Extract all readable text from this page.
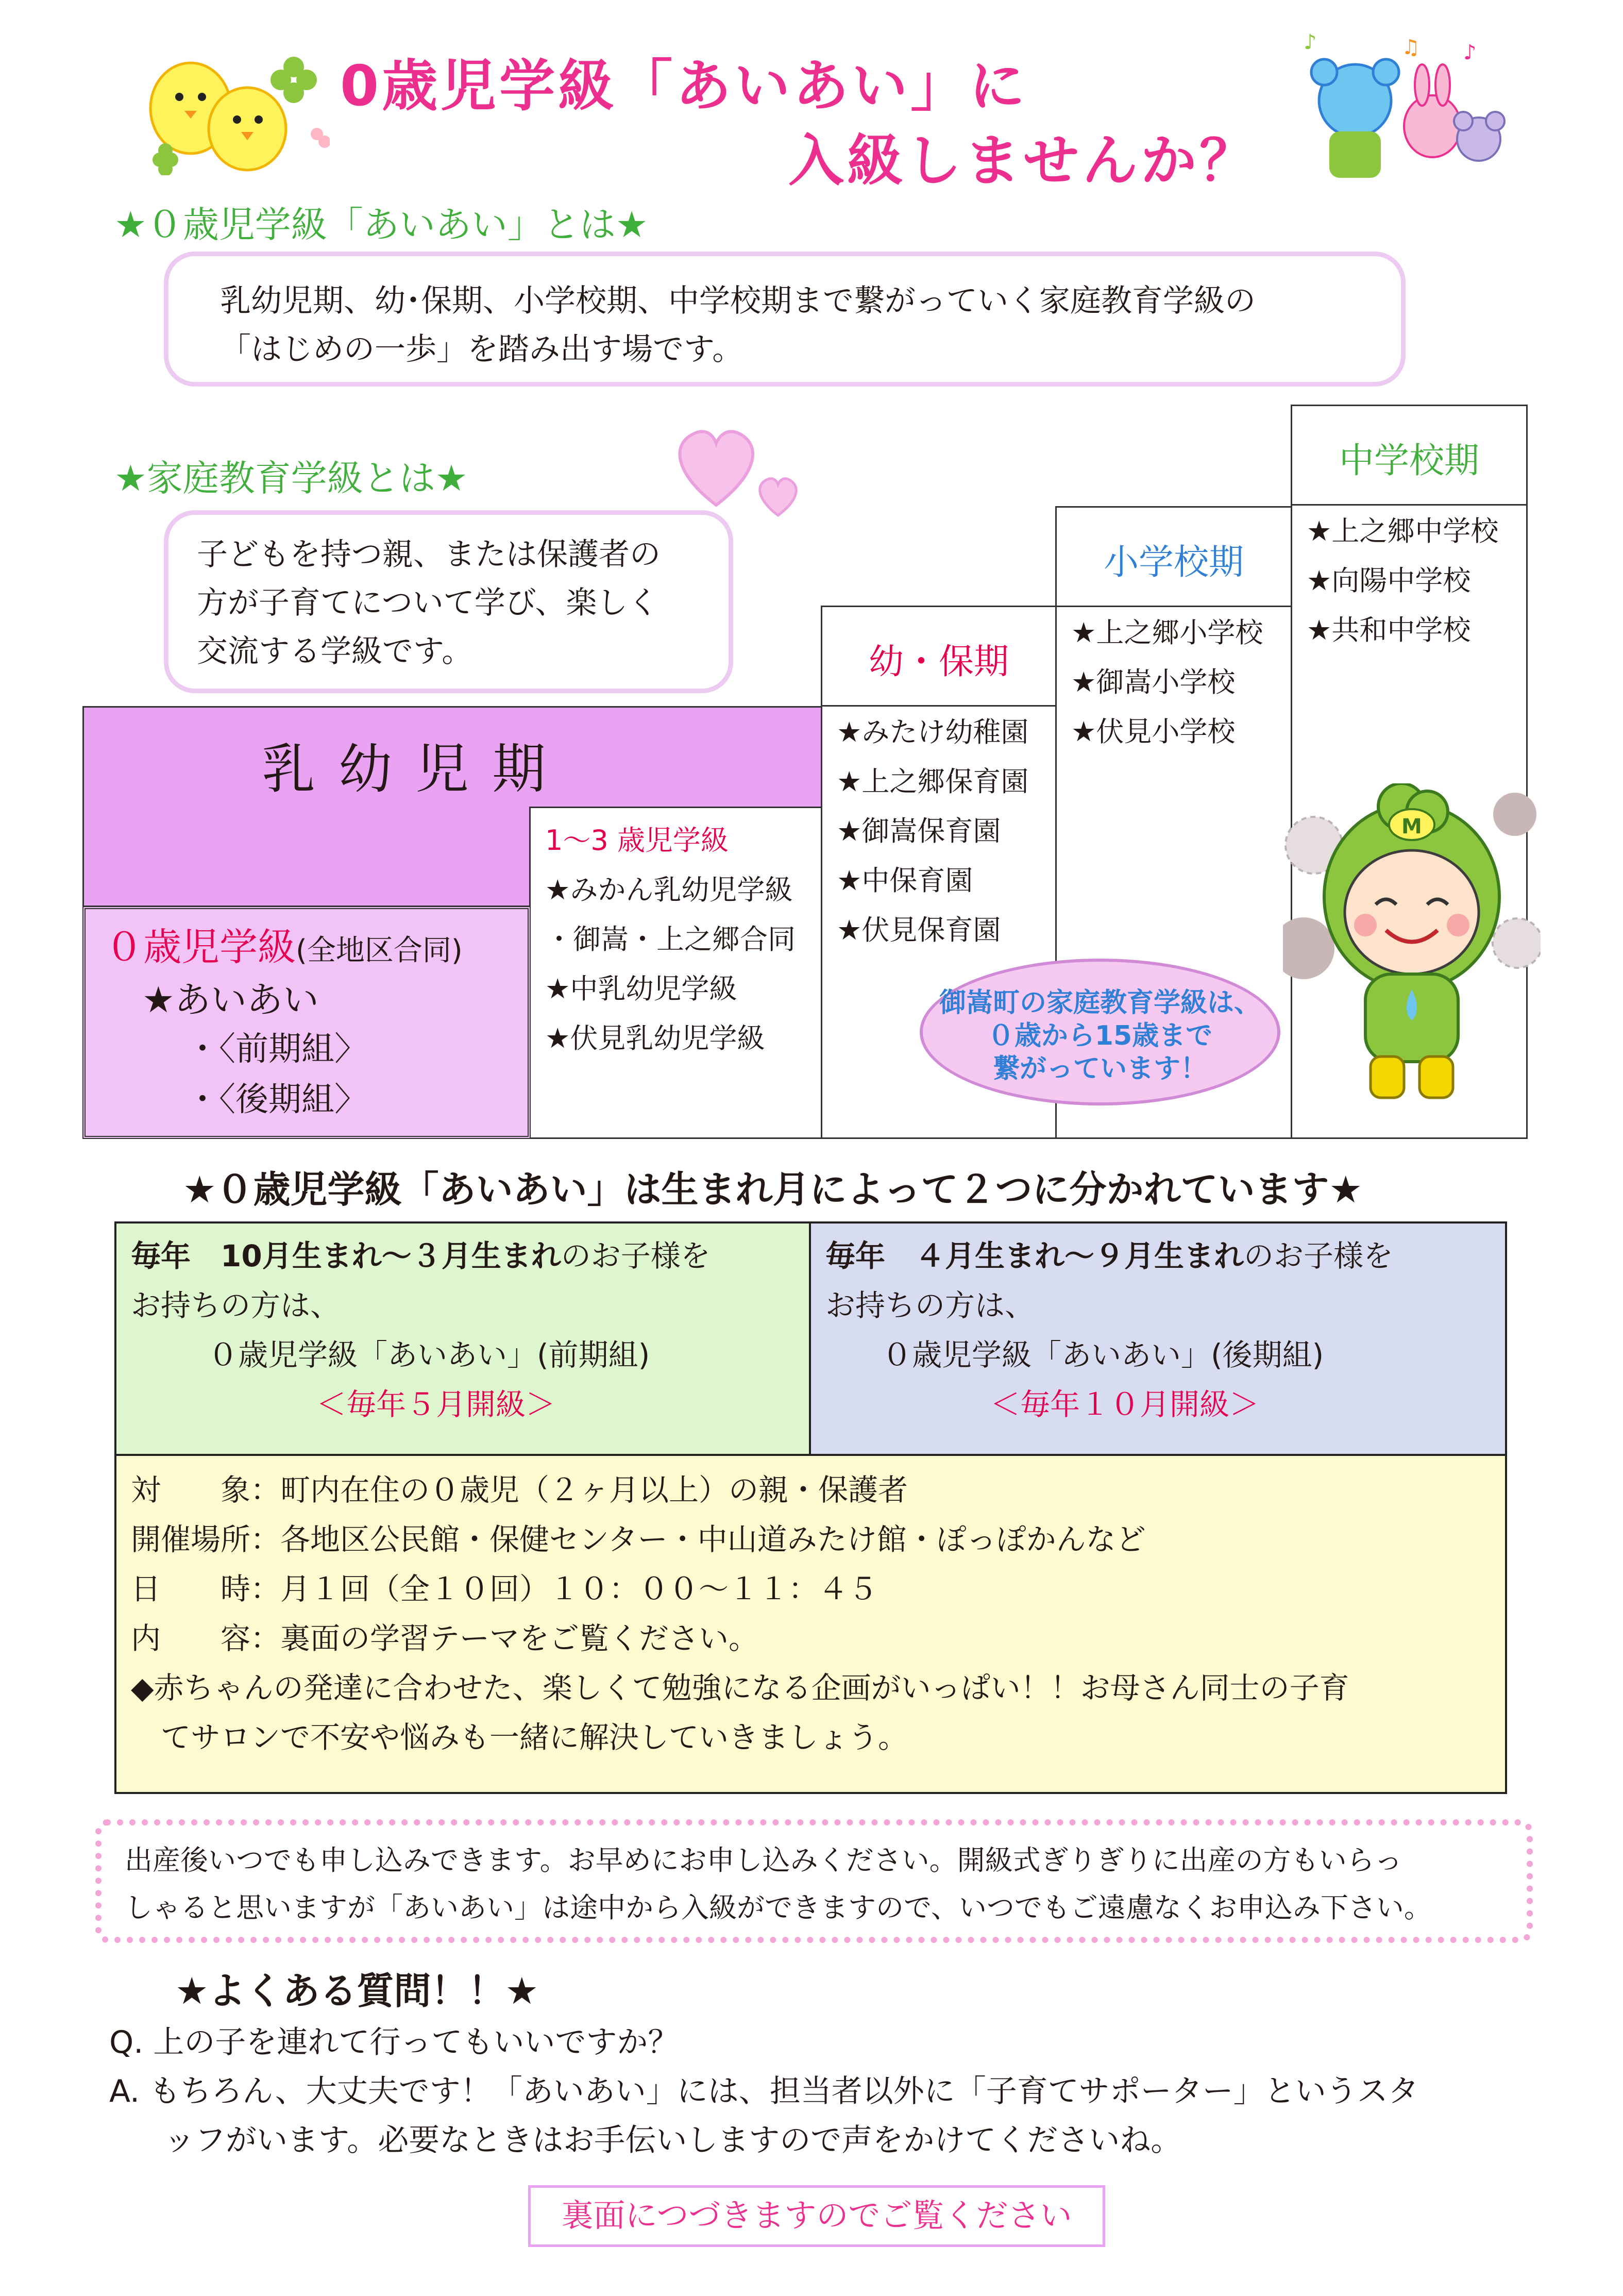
0歳児学級「あいあい」に
入級しませんか？
♪	♫ ♪
★０歳児学級「あいあい」とは★

乳幼児期、幼･保期、小学校期、中学校期まで繋がっていく家庭教育学級の

「はじめの一歩」を踏み出す場です。

★家庭教育学級とは★

子どもを持つ親、または保護者の

方が子育てについて学び、楽しく

交流する学級です。

中学校期
★上之郷中学校
★向陽中学校
★共和中学校
小学校期
★上之郷小学校
★御嵩小学校
★伏見小学校
幼・保期
★みたけ幼稚園
★上之郷保育園
★御嵩保育園
★中保育園
★伏見保育園
1～3 歳児学級
★みかん乳幼児学級
・御嵩・上之郷合同
★中乳幼児学級
★伏見乳幼児学級
乳 幼 児 期
０歳児学級(全地区合同)
★あいあい
・〈前期組〉
・〈後期組〉
御嵩町の家庭教育学級は、
０歳から15歳まで
繋がっています！
M
★０歳児学級「あいあい」は生まれ月によって２つに分かれています★
毎年　10月生まれ～３月生まれのお子様を
お持ちの方は、
０歳児学級「あいあい」(前期組)
＜毎年５月開級＞
毎年　４月生まれ～９月生まれのお子様を
お持ちの方は、
０歳児学級「あいあい」(後期組)
＜毎年１０月開級＞
対　　象：町内在住の０歳児（２ヶ月以上）の親・保護者
開催場所：各地区公民館・保健センター・中山道みたけ館・ぽっぽかんなど
日　　時：月１回（全１０回）１０：００～１１：４５
内　　容：裏面の学習テーマをご覧ください。
◆赤ちゃんの発達に合わせた、楽しくて勉強になる企画がいっぱい！！お母さん同士の子育
　てサロンで不安や悩みも一緒に解決していきましょう。
出産後いつでも申し込みできます。お早めにお申し込みください。開級式ぎりぎりに出産の方もいらっ
しゃると思いますが「あいあい」は途中から入級ができますので、いつでもご遠慮なくお申込み下さい。
★よくある質問！！★
Q. 上の子を連れて行ってもいいですか？
A. もちろん、大丈夫です！「あいあい」には、担当者以外に「子育てサポーター」というスタ
ッフがいます。必要なときはお手伝いしますので声をかけてくださいね。
裏面につづきますのでご覧ください
